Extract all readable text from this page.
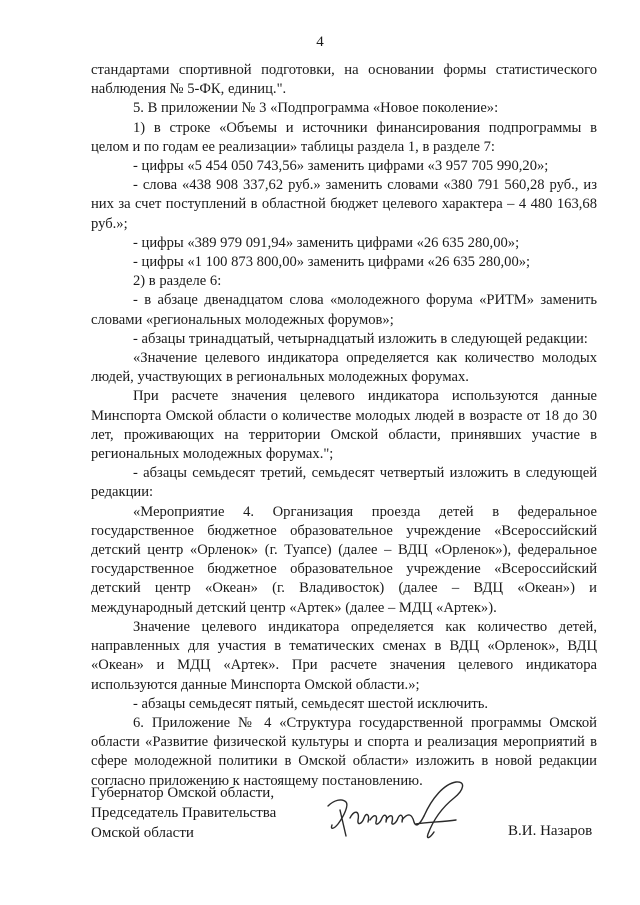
4

стандартами спортивной подготовки, на основании формы статистического наблюдения № 5-ФК, единиц.".

5. В приложении № 3 «Подпрограмма «Новое поколение»:

1) в строке «Объемы и источники финансирования подпрограммы в целом и по годам ее реализации» таблицы раздела 1, в разделе 7:

- цифры «5 454 050 743,56» заменить цифрами «3 957 705 990,20»;

- слова «438 908 337,62 руб.» заменить словами «380 791 560,28 руб., из них за счет поступлений в областной бюджет целевого характера – 4 480 163,68 руб.»;

- цифры «389 979 091,94» заменить цифрами «26 635 280,00»;

- цифры «1 100 873 800,00» заменить цифрами «26 635 280,00»;

2) в разделе 6:

- в абзаце двенадцатом слова «молодежного форума «РИТМ» заменить словами «региональных молодежных форумов»;

- абзацы тринадцатый, четырнадцатый изложить в следующей редакции:

«Значение целевого индикатора определяется как количество молодых людей, участвующих в региональных молодежных форумах.

При расчете значения целевого индикатора используются данные Минспорта Омской области о количестве молодых людей в возрасте от 18 до 30 лет, проживающих на территории Омской области, принявших участие в региональных молодежных форумах.";

- абзацы семьдесят третий, семьдесят четвертый изложить в следующей редакции:

«Мероприятие 4. Организация проезда детей в федеральное государственное бюджетное образовательное учреждение «Всероссийский детский центр «Орленок» (г. Туапсе) (далее – ВДЦ «Орленок»), федеральное государственное бюджетное образовательное учреждение «Всероссийский детский центр «Океан» (г. Владивосток) (далее – ВДЦ «Океан») и международный детский центр «Артек» (далее – МДЦ «Артек»).

Значение целевого индикатора определяется как количество детей, направленных для участия в тематических сменах в ВДЦ «Орленок», ВДЦ «Океан» и МДЦ «Артек». При расчете значения целевого индикатора используются данные Минспорта Омской области.»;

- абзацы семьдесят пятый, семьдесят шестой исключить.

6. Приложение № 4 «Структура государственной программы Омской области «Развитие физической культуры и спорта и реализация мероприятий в сфере молодежной политики в Омской области» изложить в новой редакции согласно приложению к настоящему постановлению.

Губернатор Омской области,
Председатель Правительства
Омской области	В.И. Назаров
